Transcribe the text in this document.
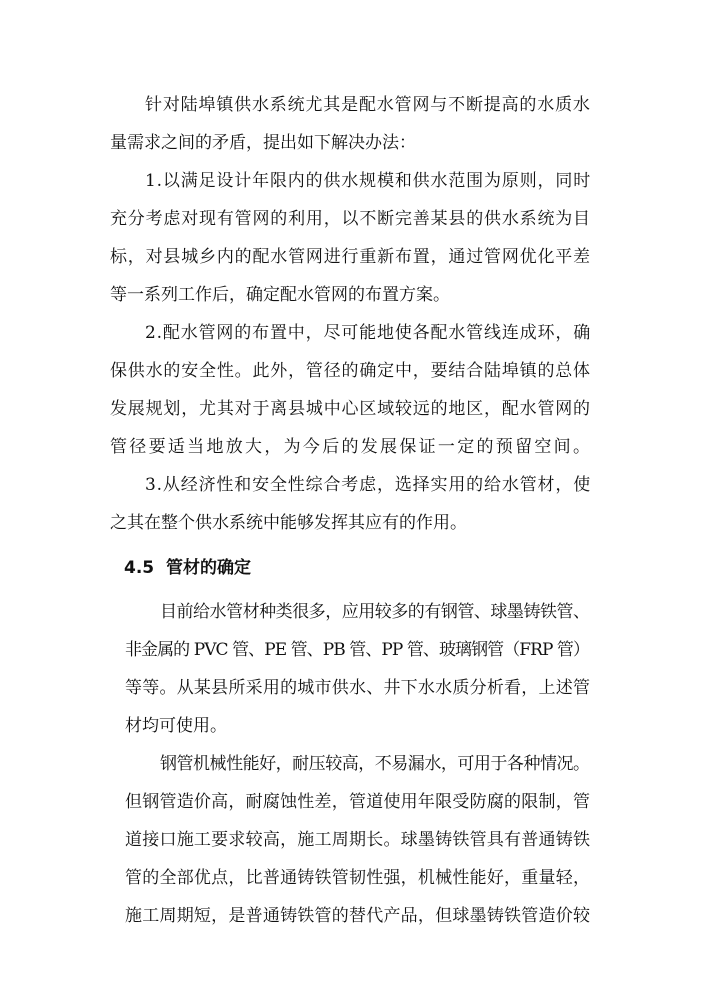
针对陆埠镇供水系统尤其是配水管网与不断提高的水质水
量需求之间的矛盾，提出如下解决办法：
1.以满足设计年限内的供水规模和供水范围为原则，同时
充分考虑对现有管网的利用，以不断完善某县的供水系统为目
标，对县城乡内的配水管网进行重新布置，通过管网优化平差
等一系列工作后，确定配水管网的布置方案。
2.配水管网的布置中，尽可能地使各配水管线连成环，确
保供水的安全性。此外，管径的确定中，要结合陆埠镇的总体
发展规划，尤其对于离县城中心区域较远的地区，配水管网的
管径要适当地放大，为今后的发展保证一定的预留空间。
3.从经济性和安全性综合考虑，选择实用的给水管材，使
之其在整个供水系统中能够发挥其应有的作用。
4.5 管材的确定
目前给水管材种类很多，应用较多的有钢管、球墨铸铁管、
非金属的 PVC 管、PE 管、PB 管、PP 管、玻璃钢管（FRP 管）
等等。从某县所采用的城市供水、井下水水质分析看，上述管
材均可使用。
钢管机械性能好，耐压较高，不易漏水，可用于各种情况。
但钢管造价高，耐腐蚀性差，管道使用年限受防腐的限制，管
道接口施工要求较高，施工周期长。球墨铸铁管具有普通铸铁
管的全部优点，比普通铸铁管韧性强，机械性能好，重量轻，
施工周期短，是普通铸铁管的替代产品，但球墨铸铁管造价较
